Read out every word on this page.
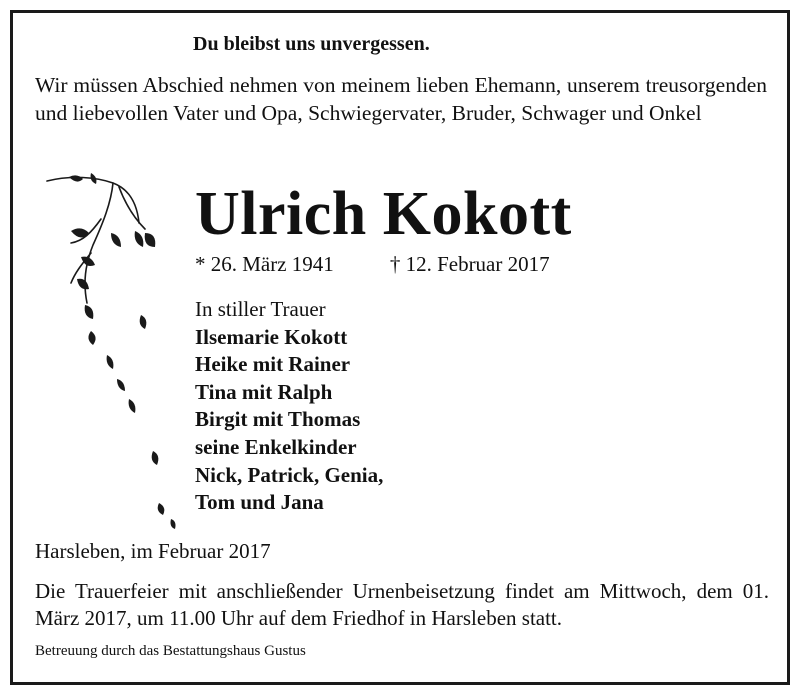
Du bleibst uns unvergessen.
Wir müssen Abschied nehmen von meinem lieben Ehemann, unserem treusorgenden und liebevollen Vater und Opa, Schwiegervater, Bruder, Schwager und Onkel
Ulrich Kokott
* 26. März 1941	† 12. Februar 2017
In stiller Trauer
Ilsemarie Kokott
Heike mit Rainer
Tina mit Ralph
Birgit mit Thomas
seine Enkelkinder
Nick, Patrick, Genia,
Tom und Jana
Harsleben, im Februar 2017
Die Trauerfeier mit anschließender Urnenbeisetzung findet am Mittwoch, dem 01. März 2017, um 11.00 Uhr auf dem Friedhof in Harsleben statt.
Betreuung durch das Bestattungshaus Gustus
